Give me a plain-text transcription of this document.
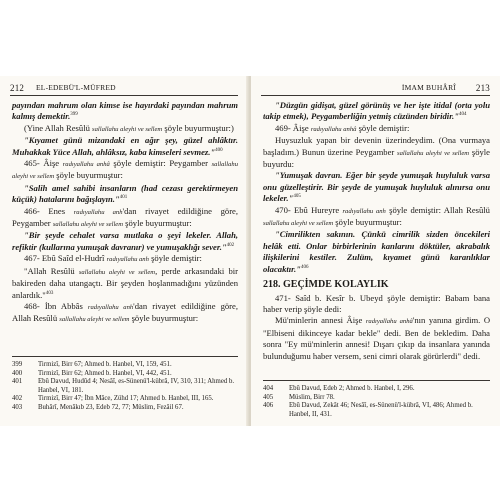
212 EL-EDEBÜ'L-MÜFRED

payından mahrum olan kimse ise hayırdaki payından mahrum kalmış demektir.$^{399}$

(Yine Allah Resûlü sallallahu aleyhi ve sellem şöyle buyurmuştur:)

"Kıyamet günü mizandaki en ağır şey, güzel ahlâktır. Muhakkak Yüce Allah, ahlâksız, kaba kimseleri sevmez."$^{400}$

465- Âişe radıyallahu anhâ şöyle demiştir: Peygamber sallallahu aleyhi ve sellem şöyle buyurmuştur:

"Salih amel sahibi insanların (had cezası gerektirmeyen küçük) hatalarını bağışlayın."$^{401}$

466- Enes radıyallahu anh'dan rivayet edildiğine göre, Peygamber sallallahu aleyhi ve sellem şöyle buyurmuştur:

"Bir şeyde cehalet varsa mutlaka o şeyi lekeler. Allah, refiktir (kullarına yumuşak davranır) ve yumuşaklığı sever."$^{402}$

467- Ebû Saîd el-Hudrî radıyallahu anh şöyle demiştir:

"Allah Resûlü sallallahu aleyhi ve sellem, perde arkasındaki bir bakireden daha utangaçtı. Bir şeyden hoşlanmadığını yüzünden anlardık."$^{403}$

468- İbn Abbâs radıyallahu anh'dan rivayet edildiğine göre, Allah Resûlü sallallahu aleyhi ve sellem şöyle buyurmuştur:

399	Tirmizî, Birr 67; Ahmed b. Hanbel, VI, 159, 451.
400	Tirmizî, Birr 62; Ahmed b. Hanbel, VI, 442, 451.
401	Ebû Davud, Hudûd 4; Nesâî, es-Sünenü'l-kübrâ, IV, 310, 311; Ahmed b. Hanbel, VI, 181.
402	Tirmizî, Birr 47; İbn Mâce, Zühd 17; Ahmed b. Hanbel, III, 165.
403	Buhârî, Menâkıb 23, Edeb 72, 77; Müslim, Fezâil 67.
İMAM BUHÂRÎ 213

"Düzgün gidişat, güzel görünüş ve her işte itidal (orta yolu takip etmek), Peygamberliğin yetmiş cüzünden biridir."$^{404}$

469- Âişe radıyallahu anhâ şöyle demiştir:

Huysuzluk yapan bir devenin üzerindeydim. (Ona vurmaya başladım.) Bunun üzerine Peygamber sallallahu aleyhi ve sellem şöyle buyurdu:

"Yumuşak davran. Eğer bir şeyde yumuşak huyluluk varsa onu güzelleştirir. Bir şeyde de yumuşak huyluluk alınırsa onu lekeler."$^{405}$

470- Ebû Hureyre radıyallahu anh şöyle demiştir: Allah Resûlü sallallahu aleyhi ve sellem şöyle buyurmuştur:

"Cimrilikten sakının. Çünkü cimrilik sizden öncekileri helâk etti. Onlar birbirlerinin kanlarını döktüler, akrabalık ilişkilerini kestiler. Zulüm, kıyamet günü karanlıklar olacaktır."$^{406}$

218. GEÇİMDE KOLAYLIK

471- Saîd b. Kesîr b. Ubeyd şöyle demiştir: Babam bana haber verip şöyle dedi:

Mü'minlerin annesi Âişe radıyallahu anhâ'nın yanına girdim. O "Elbiseni dikinceye kadar bekle" dedi. Ben de bekledim. Daha sonra "Ey mü'minlerin annesi! Dışarı çıkıp da insanlara yanında bulunduğumu haber versem, seni cimri olarak görürlerdi" dedi.

404	Ebû Davud, Edeb 2; Ahmed b. Hanbel, I, 296.
405	Müslim, Birr 78.
406	Ebû Davud, Zekât 46; Nesâî, es-Sünenü'l-kübrâ, VI, 486; Ahmed b. Hanbel, II, 431.
